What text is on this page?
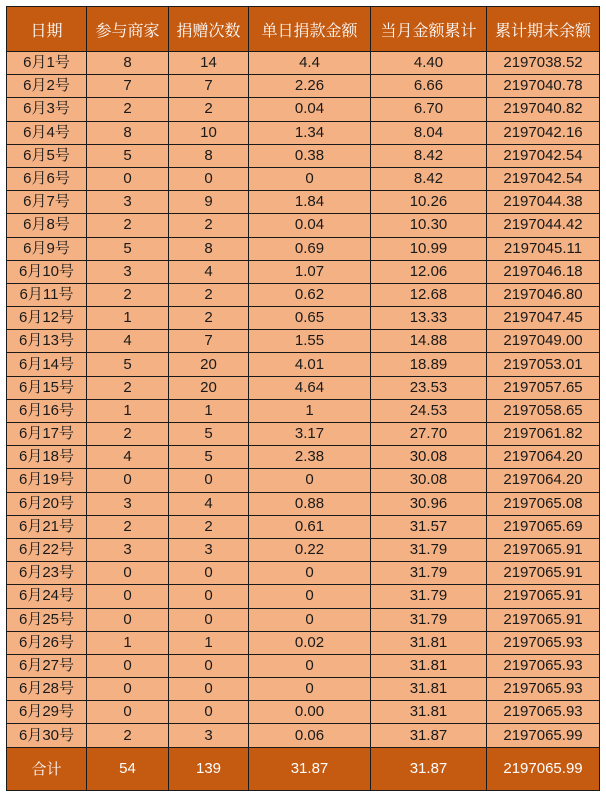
日期	参与商家	捐赠次数	单日捐款金额	当月金额累计	累计期末余额
6月1号	8	14	4.4	4.40	2197038.52
6月2号	7	7	2.26	6.66	2197040.78
6月3号	2	2	0.04	6.70	2197040.82
6月4号	8	10	1.34	8.04	2197042.16
6月5号	5	8	0.38	8.42	2197042.54
6月6号	0	0	0	8.42	2197042.54
6月7号	3	9	1.84	10.26	2197044.38
6月8号	2	2	0.04	10.30	2197044.42
6月9号	5	8	0.69	10.99	2197045.11
6月10号	3	4	1.07	12.06	2197046.18
6月11号	2	2	0.62	12.68	2197046.80
6月12号	1	2	0.65	13.33	2197047.45
6月13号	4	7	1.55	14.88	2197049.00
6月14号	5	20	4.01	18.89	2197053.01
6月15号	2	20	4.64	23.53	2197057.65
6月16号	1	1	1	24.53	2197058.65
6月17号	2	5	3.17	27.70	2197061.82
6月18号	4	5	2.38	30.08	2197064.20
6月19号	0	0	0	30.08	2197064.20
6月20号	3	4	0.88	30.96	2197065.08
6月21号	2	2	0.61	31.57	2197065.69
6月22号	3	3	0.22	31.79	2197065.91
6月23号	0	0	0	31.79	2197065.91
6月24号	0	0	0	31.79	2197065.91
6月25号	0	0	0	31.79	2197065.91
6月26号	1	1	0.02	31.81	2197065.93
6月27号	0	0	0	31.81	2197065.93
6月28号	0	0	0	31.81	2197065.93
6月29号	0	0	0.00	31.81	2197065.93
6月30号	2	3	0.06	31.87	2197065.99
合计	54	139	31.87	31.87	2197065.99
